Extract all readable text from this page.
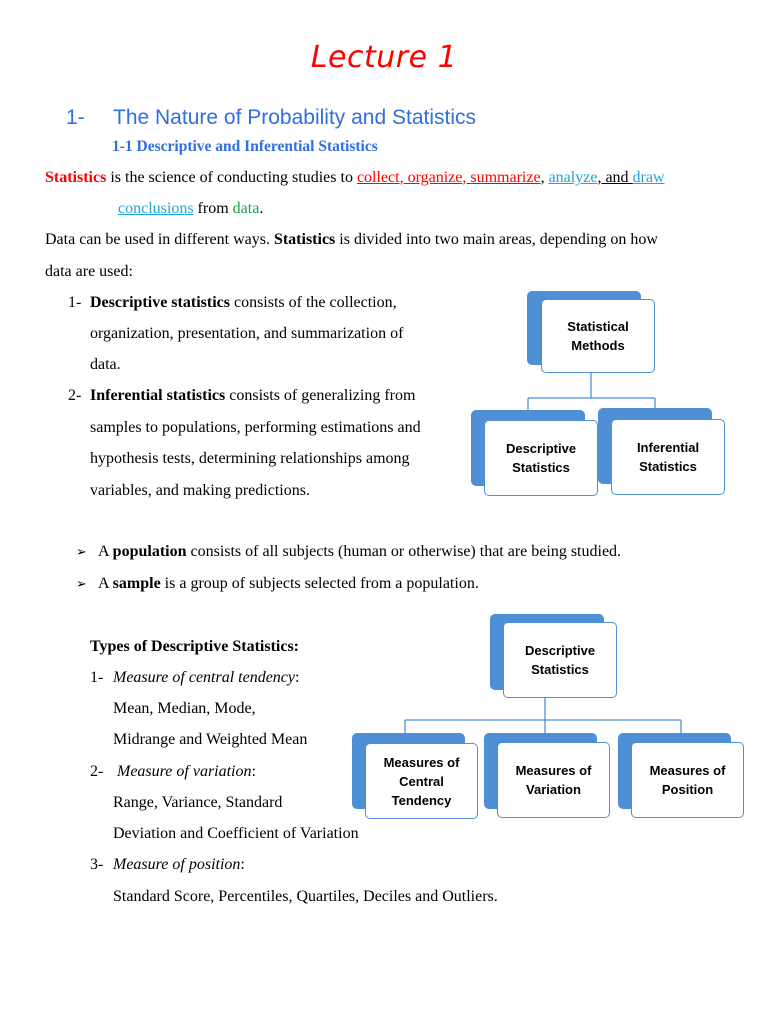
Lecture 1
1- The Nature of Probability and Statistics
1-1 Descriptive and Inferential Statistics
Statistics is the science of conducting studies to collect, organize, summarize, analyze, and draw
conclusions from data.
Data can be used in different ways. Statistics is divided into two main areas, depending on how
data are used:
1- Descriptive statistics consists of the collection,
organization, presentation, and summarization of
data.
2- Inferential statistics consists of generalizing from
samples to populations, performing estimations and
hypothesis tests, determining relationships among
variables, and making predictions.
➢ A population consists of all subjects (human or otherwise) that are being studied.
➢ A sample is a group of subjects selected from a population.
Types of Descriptive Statistics:
1- Measure of central tendency:
Mean, Median, Mode,
Midrange and Weighted Mean
2- Measure of variation:
Range, Variance, Standard
Deviation and Coefficient of Variation
3- Measure of position:
Standard Score, Percentiles, Quartiles, Deciles and Outliers.
Statistical
Methods
Descriptive
Statistics
Inferential
Statistics
Descriptive
Statistics
Measures of
Central
Tendency
Measures of
Variation
Measures of
Position
